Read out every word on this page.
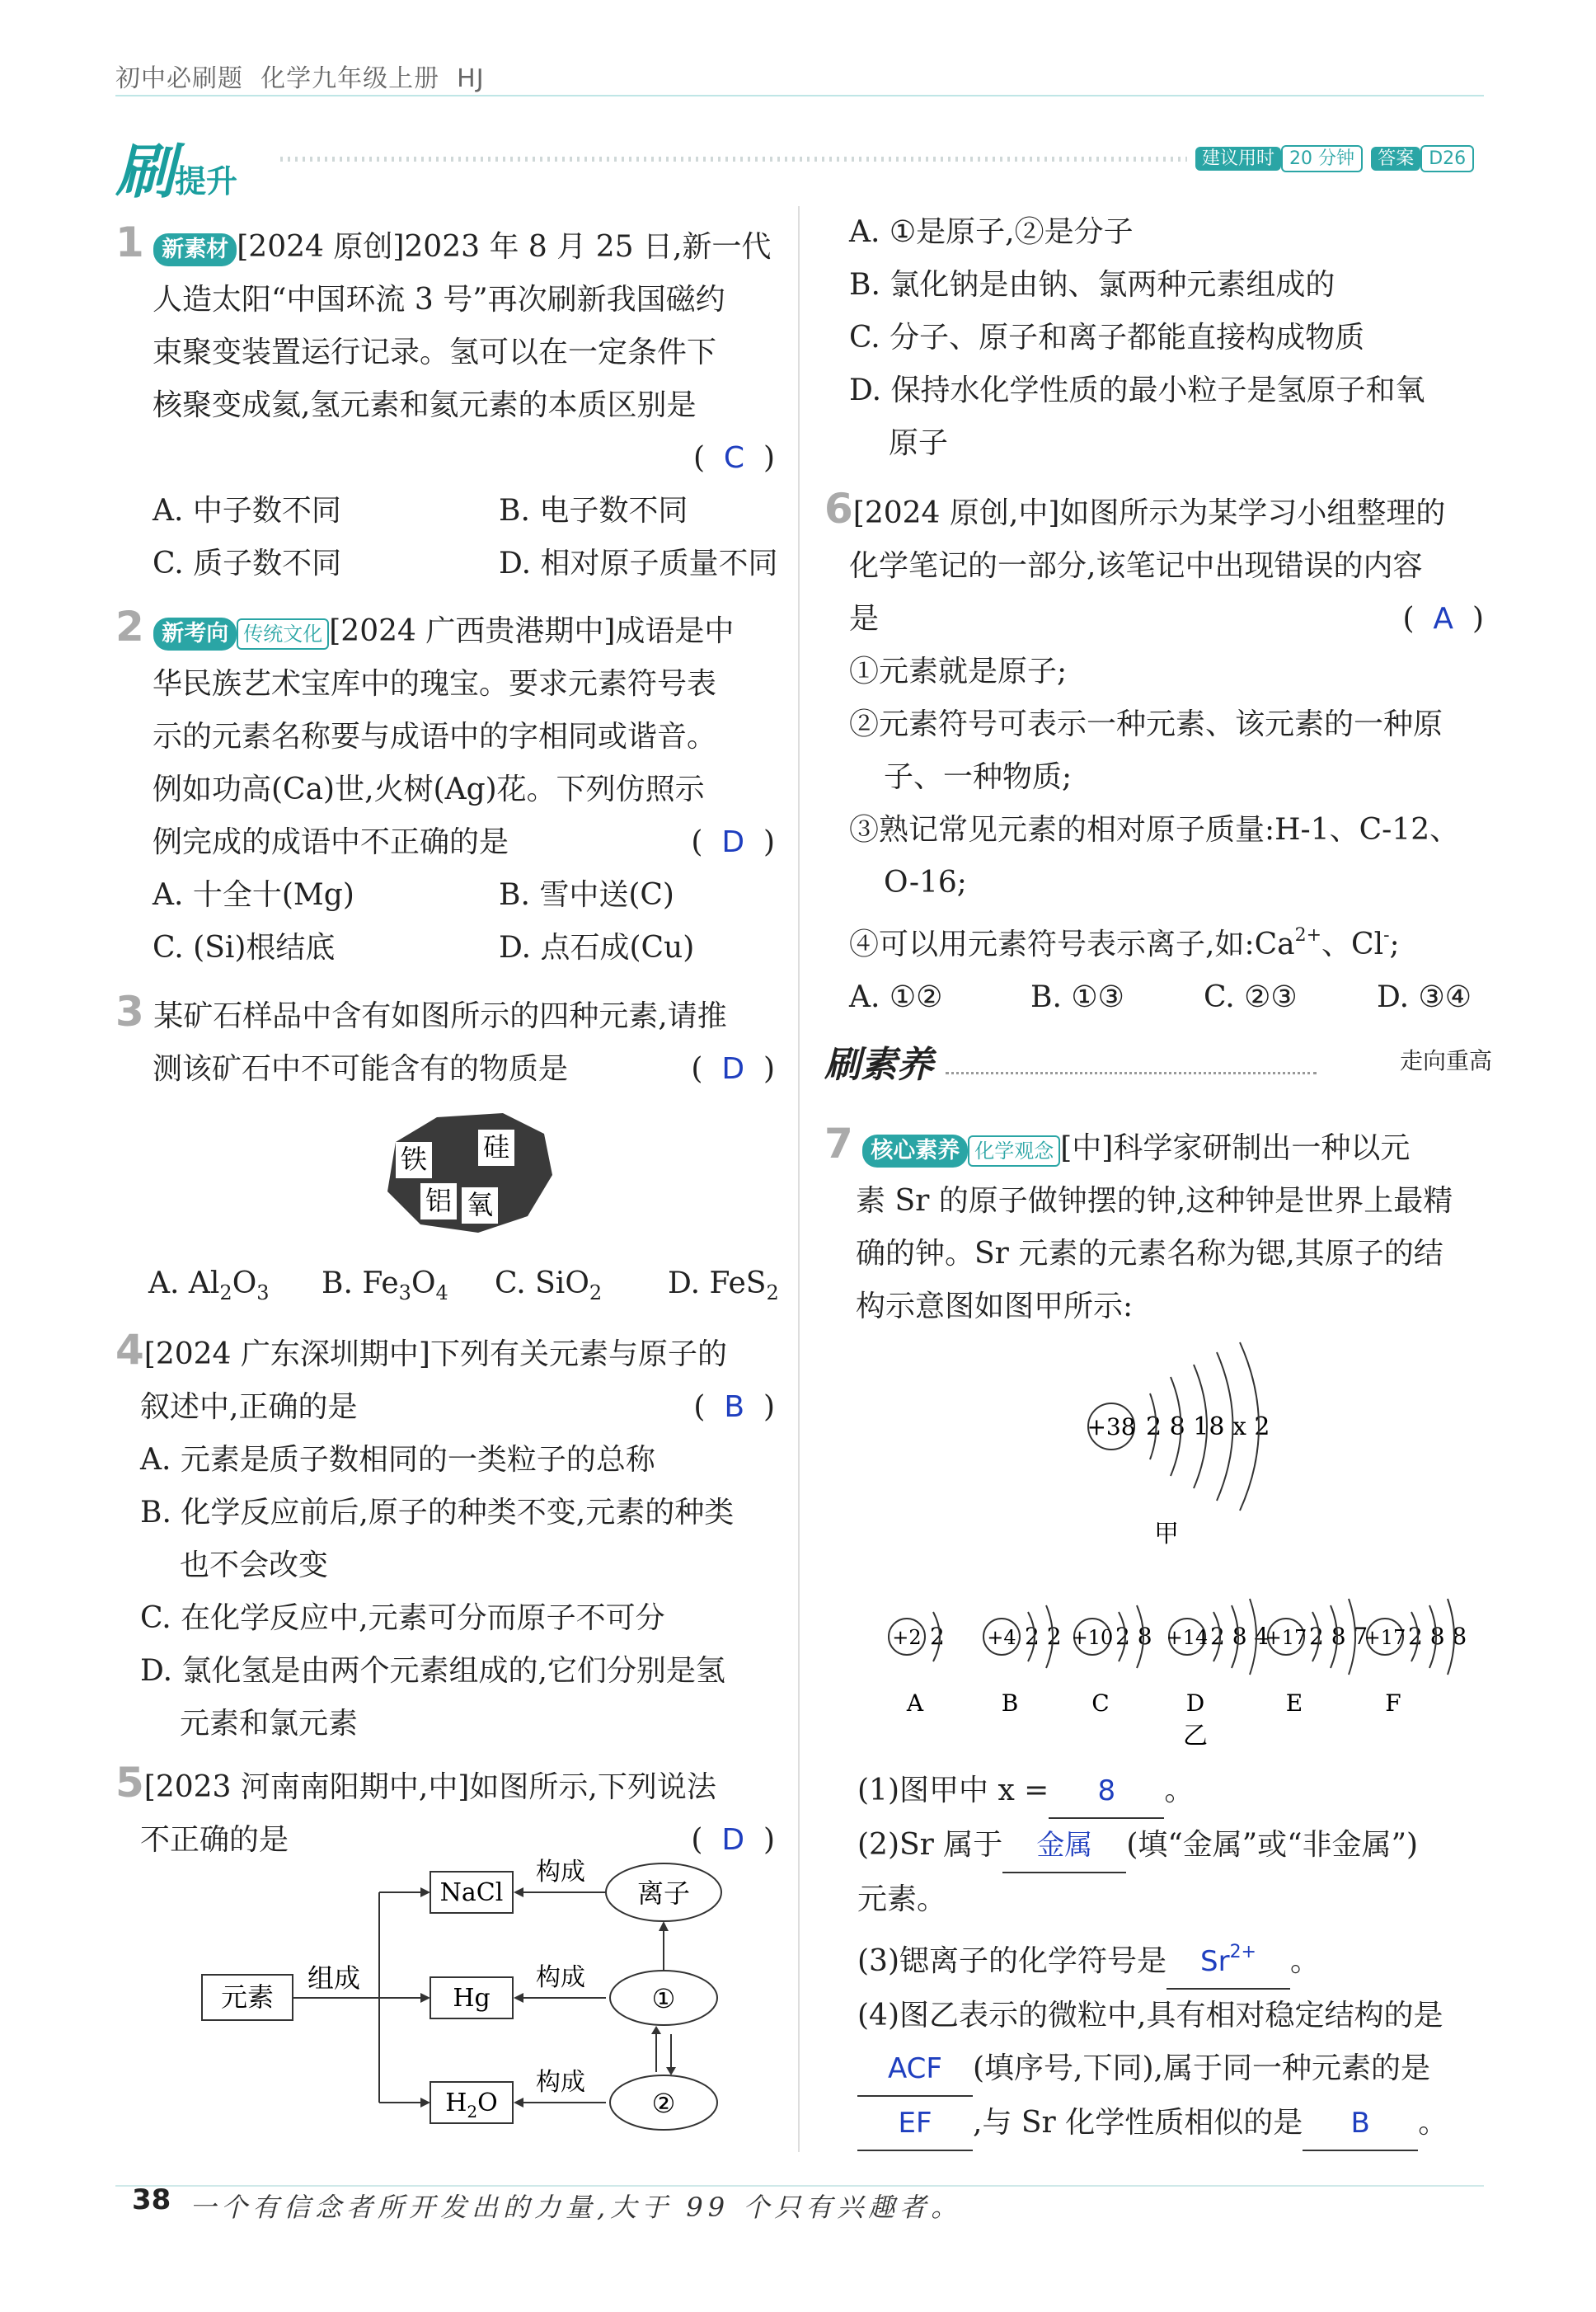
初中必刷题 化学九年级上册 HJ
刷提升
建议用时 20 分钟 答案 D26
1 新素材 [2024 原创]2023 年 8 月 25 日,新一代
人造太阳“中国环流 3 号”再次刷新我国磁约
束聚变装置运行记录。氢可以在一定条件下
核聚变成氦,氢元素和氦元素的本质区别是
(  C  )
A. 中子数不同	B. 电子数不同
C. 质子数不同	D. 相对原子质量不同
2 新考向 传统文化 [2024 广西贵港期中]成语是中
华民族艺术宝库中的瑰宝。要求元素符号表
示的元素名称要与成语中的字相同或谐音。
例如功高(Ca)世,火树(Ag)花。下列仿照示
例完成的成语中不正确的是	(  D  )
A. 十全十(Mg)	B. 雪中送(C)
C. (Si)根结底	D. 点石成(Cu)
3 某矿石样品中含有如图所示的四种元素,请推
测该矿石中不可能含有的物质是	(  D  )
铁 硅
铝 氧
A. $Al_2O_3$ B. $Fe_3O_4$ C. SiO$_2$ D. FeS$_2$
4[2024 广东深圳期中]下列有关元素与原子的
叙述中,正确的是	(  B  )
A. 元素是质子数相同的一类粒子的总称
B. 化学反应前后,原子的种类不变,元素的种类
也不会改变
C. 在化学反应中,元素可分而原子不可分
D. 氯化氢是由两个元素组成的,它们分别是氢
元素和氯元素
5[2023 河南南阳期中,中]如图所示,下列说法
不正确的是	(  D  )
元素
组成
NaCl
Hg
$H_2O$
构成
构成
构成
离子
①
②
A. ①是原子,②是分子
B. 氯化钠是由钠、氯两种元素组成的
C. 分子、原子和离子都能直接构成物质
D. 保持水化学性质的最小粒子是氢原子和氧
原子
6[2024 原创,中]如图所示为某学习小组整理的
化学笔记的一部分,该笔记中出现错误的内容
是	(  A  )
①元素就是原子;
②元素符号可表示一种元素、该元素的一种原
子、一种物质;
③熟记常见元素的相对原子质量:H-1、C-12、
O-16;
④可以用元素符号表示离子,如$:Ca^{2+}$、Cl-;
A. ①②	B. ①③	C. ②③	D. ③④
刷素养	走向重高
7 核心素养 化学观念 [中]科学家研制出一种以元
素 Sr 的原子做钟摆的钟,这种钟是世界上最精
确的钟。Sr 元素的元素名称为锶,其原子的结
构示意图如图甲所示:
+38 2 8 18 x 2
甲
+2 2
A
+4 2 2
B
+10 2 8
C
+14 2 8 4
D
+17 2 8 7
E
+17 2 8 8
F
乙
(1)图甲中 x = 8 。
(2)Sr 属于 金属 (填“金属”或“非金属”)
元素。
(3)锶离子的化学符号是 $Sr^{2+}$ 。
(4)图乙表示的微粒中,具有相对稳定结构的是
ACF (填序号,下同),属于同一种元素的是
EF ,与 Sr 化学性质相似的是 B 。
38 一个有信念者所开发出的力量,大于 99 个只有兴趣者。
